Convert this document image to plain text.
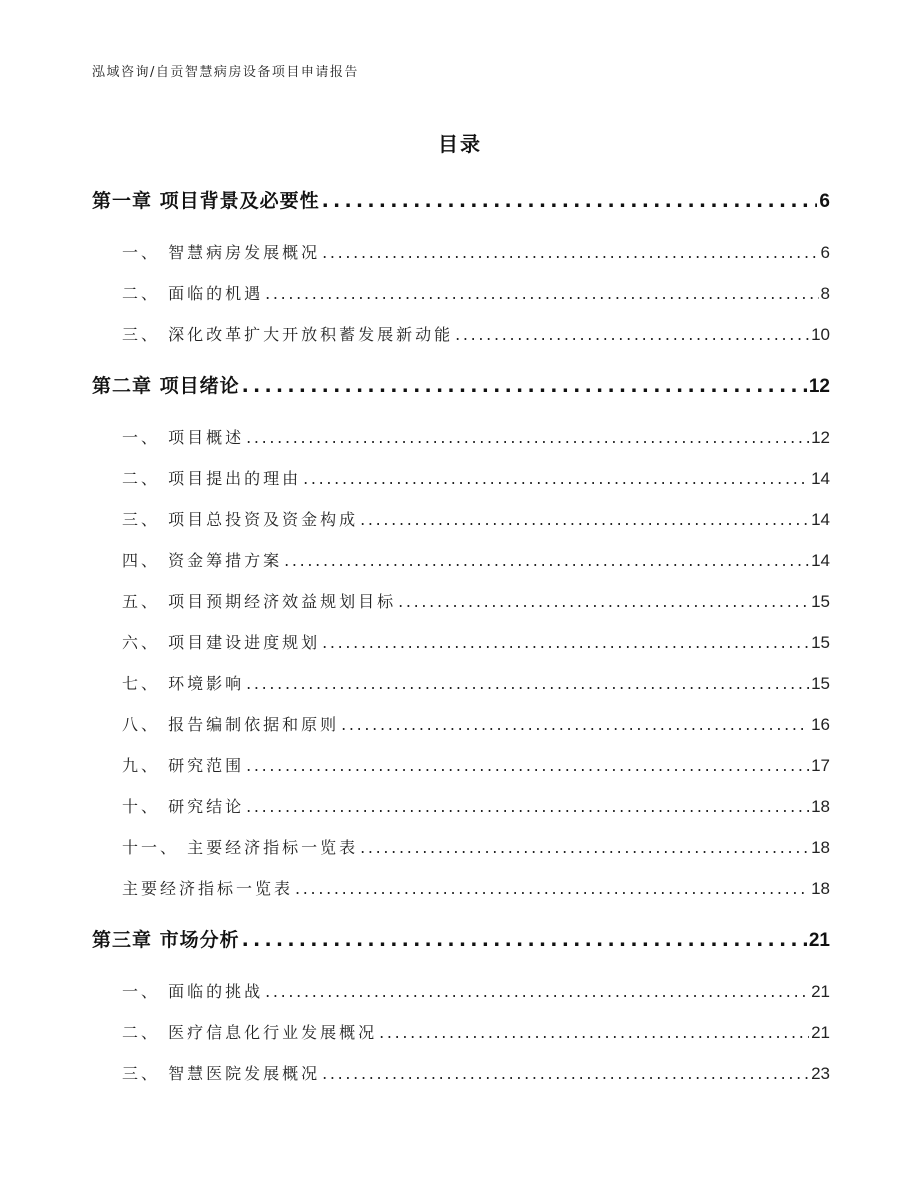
泓域咨询/自贡智慧病房设备项目申请报告
目录
第一章 项目背景及必要性 . . .	6
一、 智慧病房发展概况 . . .	6
二、 面临的机遇 . . .	8
三、 深化改革扩大开放积蓄发展新动能 . . .	10
第二章 项目绪论 . . .	12
一、 项目概述 . . .	12
二、 项目提出的理由 . . .	14
三、 项目总投资及资金构成 . . .	14
四、 资金筹措方案 . . .	14
五、 项目预期经济效益规划目标 . . .	15
六、 项目建设进度规划 . . .	15
七、 环境影响 . . .	15
八、 报告编制依据和原则 . . .	16
九、 研究范围 . . .	17
十、 研究结论 . . .	18
十一、 主要经济指标一览表 . . .	18
主要经济指标一览表 . . .	18
第三章 市场分析 . . .	21
一、 面临的挑战 . . .	21
二、 医疗信息化行业发展概况 . . .	21
三、 智慧医院发展概况 . . .	23
